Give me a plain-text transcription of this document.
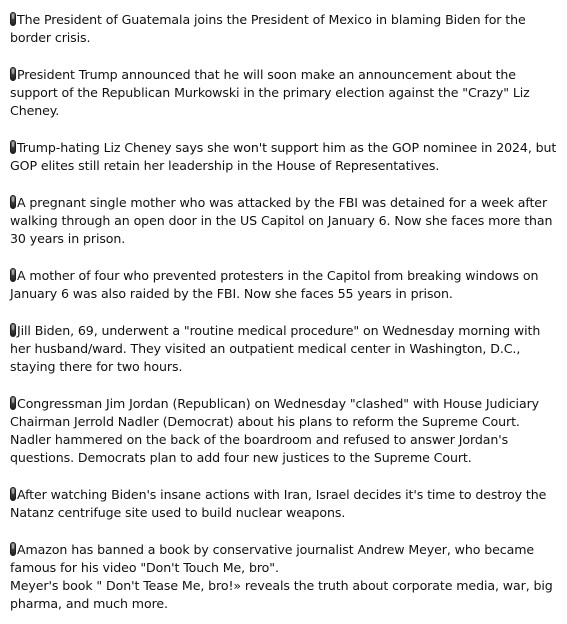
The President of Guatemala joins the President of Mexico in blaming Biden for the border crisis.

President Trump announced that he will soon make an announcement about the support of the Republican Murkowski in the primary election against the "Crazy" Liz Cheney.

Trump-hating Liz Cheney says she won't support him as the GOP nominee in 2024, but GOP elites still retain her leadership in the House of Representatives.

A pregnant single mother who was attacked by the FBI was detained for a week after walking through an open door in the US Capitol on January 6. Now she faces more than 30 years in prison.

A mother of four who prevented protesters in the Capitol from breaking windows on January 6 was also raided by the FBI. Now she faces 55 years in prison.

Jill Biden, 69, underwent a "routine medical procedure" on Wednesday morning with her husband/ward. They visited an outpatient medical center in Washington, D.C., staying there for two hours.

Congressman Jim Jordan (Republican) on Wednesday "clashed" with House Judiciary Chairman Jerrold Nadler (Democrat) about his plans to reform the Supreme Court. Nadler hammered on the back of the boardroom and refused to answer Jordan's questions. Democrats plan to add four new justices to the Supreme Court.

After watching Biden's insane actions with Iran, Israel decides it's time to destroy the Natanz centrifuge site used to build nuclear weapons.

Amazon has banned a book by conservative journalist Andrew Meyer, who became famous for his video "Don't Touch Me, bro".

Meyer's book " Don't Tease Me, bro!» reveals the truth about corporate media, war, big pharma, and much more.
